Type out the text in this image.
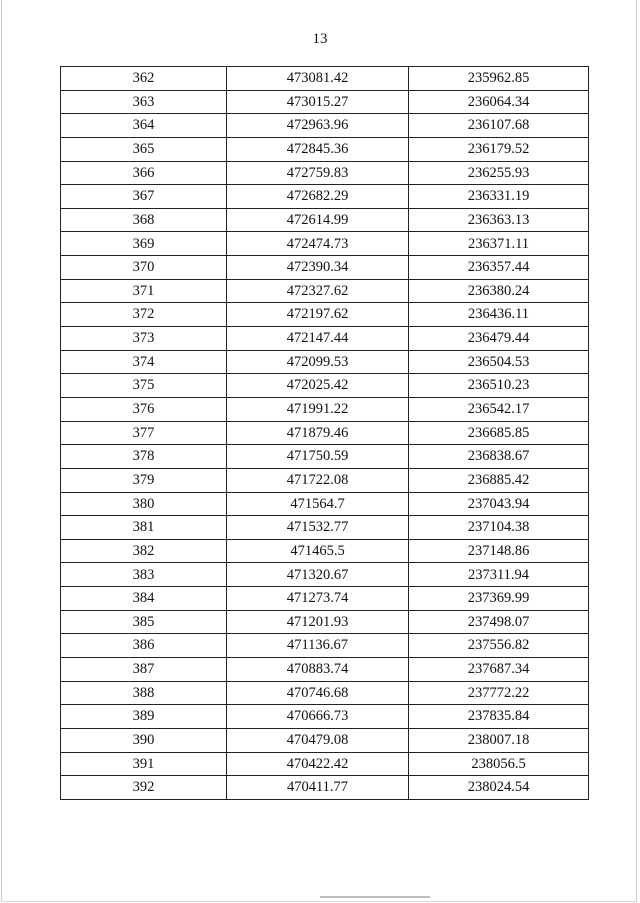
13
362	473081.42	235962.85
363	473015.27	236064.34
364	472963.96	236107.68
365	472845.36	236179.52
366	472759.83	236255.93
367	472682.29	236331.19
368	472614.99	236363.13
369	472474.73	236371.11
370	472390.34	236357.44
371	472327.62	236380.24
372	472197.62	236436.11
373	472147.44	236479.44
374	472099.53	236504.53
375	472025.42	236510.23
376	471991.22	236542.17
377	471879.46	236685.85
378	471750.59	236838.67
379	471722.08	236885.42
380	471564.7	237043.94
381	471532.77	237104.38
382	471465.5	237148.86
383	471320.67	237311.94
384	471273.74	237369.99
385	471201.93	237498.07
386	471136.67	237556.82
387	470883.74	237687.34
388	470746.68	237772.22
389	470666.73	237835.84
390	470479.08	238007.18
391	470422.42	238056.5
392	470411.77	238024.54
